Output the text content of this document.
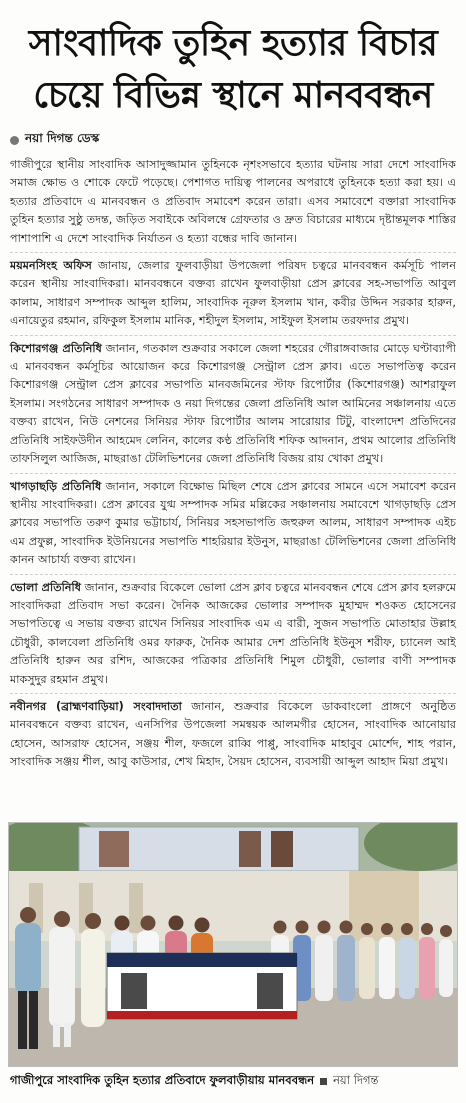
সাংবাদিক তুহিন হত্যার বিচার
চেয়ে বিভিন্ন স্থানে মানববন্ধন
নয়া দিগন্ত ডেস্ক

গাজীপুরে স্থানীয় সাংবাদিক আসাদুজ্জামান তুহিনকে নৃশংসভাবে হত্যার ঘটনায় সারা দেশে সাংবাদিক সমাজ ক্ষোভ ও শোকে ফেটে পড়েছে। পেশাগত দায়িত্ব পালনের অপরাধে তুহিনকে হত্যা করা হয়। এ হত্যার প্রতিবাদে এ মানববন্ধন ও প্রতিবাদ সমাবেশ করেন তারা। এসব সমাবেশে বক্তারা সাংবাদিক তুহিন হত্যার সুষ্ঠু তদন্ত, জড়িত সবাইকে অবিলম্বে গ্রেফতার ও দ্রুত বিচারের মাধ্যমে দৃষ্টান্তমূলক শাস্তির পাশাপাশি এ দেশে সাংবাদিক নির্যাতন ও হত্যা বন্ধের দাবি জানান।

ময়মনসিংহ অফিস জানায়, জেলার ফুলবাড়ীয়া উপজেলা পরিষদ চত্বরে মানববন্ধন কর্মসূচি পালন করেন স্থানীয় সাংবাদিকরা। মানববন্ধনে বক্তব্য রাখেন ফুলবাড়ীয়া প্রেস ক্লাবের সহ-সভাপতি আবুল কালাম, সাধারণ সম্পাদক আব্দুল হালিম, সাংবাদিক নূরুল ইসলাম খান, কবীর উদ্দিন সরকার হারুন, এনায়েতুর রহমান, রফিকুল ইসলাম মানিক, শহীদুল ইসলাম, সাইফুল ইসলাম তরফদার প্রমুখ।

কিশোরগঞ্জ প্রতিনিধি জানান, গতকাল শুক্রবার সকালে জেলা শহরের গৌরাঙ্গবাজার মোড়ে ঘণ্টাব্যাপী এ মানববন্ধন কর্মসূচির আয়োজন করে কিশোরগঞ্জ সেন্ট্রাল প্রেস ক্লাব। এতে সভাপতিত্ব করেন কিশোরগঞ্জ সেন্ট্রাল প্রেস ক্লাবের সভাপতি মানবজমিনের স্টাফ রিপোর্টার (কিশোরগঞ্জ) আশরাফুল ইসলাম। সংগঠনের সাধারণ সম্পাদক ও নয়া দিগন্তের জেলা প্রতিনিধি আল আমিনের সঞ্চালনায় এতে বক্তব্য রাখেন, নিউ নেশনের সিনিয়র স্টাফ রিপোর্টার আলম সারোয়ার টিটু, বাংলাদেশ প্রতিদিনের প্রতিনিধি সাইফউদীন আহমেদ লেনিন, কালের কণ্ঠ প্রতিনিধি শফিক আদনান, প্রথম আলোর প্রতিনিধি তাফসিলুল আজিজ, মাছরাঙা টেলিভিশনের জেলা প্রতিনিধি বিজয় রায় খোকা প্রমুখ।

খাগড়াছড়ি প্রতিনিধি জানান, সকালে বিক্ষোভ মিছিল শেষে প্রেস ক্লাবের সামনে এসে সমাবেশ করেন স্থানীয় সাংবাদিকরা। প্রেস ক্লাবের যুগ্ম সম্পাদক সমির মল্লিকের সঞ্চালনায় সমাবেশে খাগড়াছড়ি প্রেস ক্লাবের সভাপতি তরুণ কুমার ভট্টাচার্য, সিনিয়র সহসভাপতি জহুরুল আলম, সাধারণ সম্পাদক এইচ এম প্রফুল্ল, সাংবাদিক ইউনিয়নের সভাপতি শাহরিয়ার ইউনুস, মাছরাঙা টেলিভিশনের জেলা প্রতিনিধি কানন আচার্য্য বক্তব্য রাখেন।

ভোলা প্রতিনিধি জানান, শুক্রবার বিকেলে ভোলা প্রেস ক্লাব চত্বরে মানববন্ধন শেষে প্রেস ক্লাব হলরুমে সাংবাদিকরা প্রতিবাদ সভা করেন। দৈনিক আজকের ভোলার সম্পাদক মুহাম্মদ শওকত হোসেনের সভাপতিত্বে এ সভায় বক্তব্য রাখেন সিনিয়র সাংবাদিক এম এ বারী, সুজন সভাপতি মোতাহার উল্লাহ চৌধুরী, কালবেলা প্রতিনিধি ওমর ফারুক, দৈনিক আমার দেশ প্রতিনিধি ইউনুস শরীফ, চ্যানেল আই প্রতিনিধি হারুন অর রশিদ, আজকের পত্রিকার প্রতিনিধি শিমুল চৌধুরী, ভোলার বাণী সম্পাদক মাকসুদুর রহমান প্রমুখ।

নবীনগর (ব্রাহ্মণবাড়িয়া) সংবাদদাতা জানান, শুক্রবার বিকেলে ডাকবাংলো প্রাঙ্গণে অনুষ্ঠিত মানববন্ধনে বক্তব্য রাখেন, এনসিপির উপজেলা সমন্বয়ক আলমগীর হোসেন, সাংবাদিক আনোয়ার হোসেন, আসরাফ হোসেন, সঞ্জয় শীল, ফজলে রাব্বি পাপ্পু, সাংবাদিক মাহাবুব মোর্শেদ, শাহ পরান, সাংবাদিক সঞ্জয় শীল, আবু কাউসার, শেখ মিহাদ, সৈয়দ হোসেন, ব্যবসায়ী আব্দুল আহাদ মিয়া প্রমুখ।

গাজীপুরে সাংবাদিক তুহিন হত্যার প্রতিবাদে ফুলবাড়ীয়ায় মানববন্ধন নয়া দিগন্ত
